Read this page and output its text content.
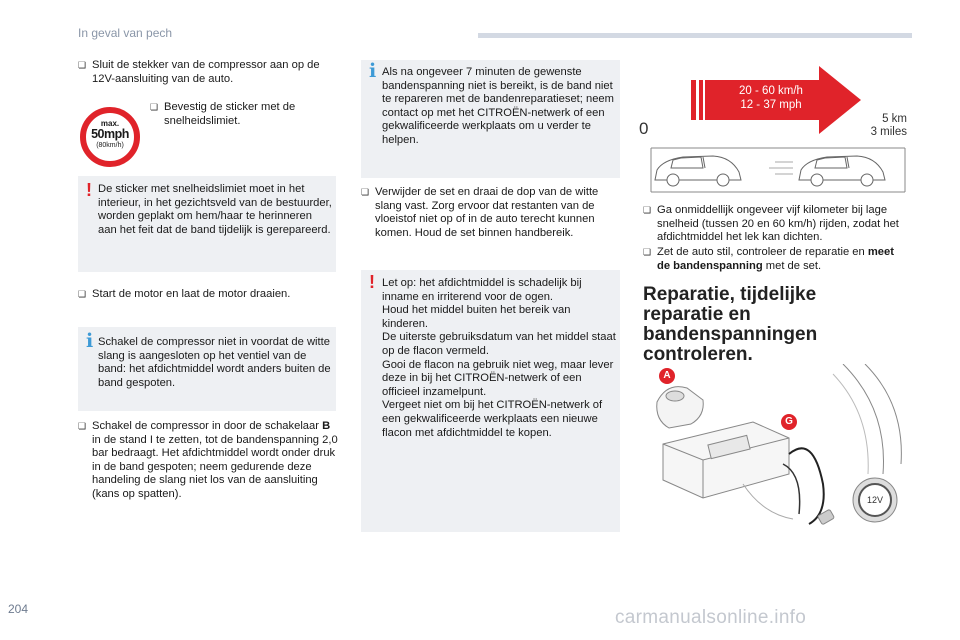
In geval van pech
❏ Sluit de stekker van de compressor aan op de 12V-aansluiting van de auto.
max.
50mph
(80km/h)
❏ Bevestig de sticker met de snelheidslimiet.
! De sticker met snelheidslimiet moet in het interieur, in het gezichtsveld van de bestuurder, worden geplakt om hem/haar te herinneren aan het feit dat de band tijdelijk is gerepareerd.
❏ Start de motor en laat de motor draaien.
i Schakel de compressor niet in voordat de witte slang is aangesloten op het ventiel van de band: het afdichtmiddel wordt anders buiten de band gespoten.
❏ Schakel de compressor in door de schakelaar B in de stand I te zetten, tot de bandenspanning 2,0 bar bedraagt. Het afdichtmiddel wordt onder druk in de band gespoten; neem gedurende deze handeling de slang niet los van de aansluiting (kans op spatten).
i Als na ongeveer 7 minuten de gewenste bandenspanning niet is bereikt, is de band niet te repareren met de bandenreparatieset; neem contact op met het CITROËN-netwerk of een gekwalificeerde werkplaats om u verder te helpen.
❏ Verwijder de set en draai de dop van de witte slang vast. Zorg ervoor dat restanten van de vloeistof niet op of in de auto terecht kunnen komen. Houd de set binnen handbereik.
! Let op: het afdichtmiddel is schadelijk bij inname en irriterend voor de ogen.
Houd het middel buiten het bereik van kinderen.
De uiterste gebruiksdatum van het middel staat op de flacon vermeld.
Gooi de flacon na gebruik niet weg, maar lever deze in bij het CITROËN-netwerk of een officieel inzamelpunt.
Vergeet niet om bij het CITROËN-netwerk of een gekwalificeerde werkplaats een nieuwe flacon met afdichtmiddel te kopen.
20 - 60 km/h
12 - 37 mph
0	5 km
3 miles
❏ Ga onmiddellijk ongeveer vijf kilometer bij lage snelheid (tussen 20 en 60 km/h) rijden, zodat het afdichtmiddel het lek kan dichten.
❏ Zet de auto stil, controleer de reparatie en meet de bandenspanning met de set.
Reparatie, tijdelijke reparatie en bandenspanningen controleren.
A
G
12V
204	carmanualsonline.info
